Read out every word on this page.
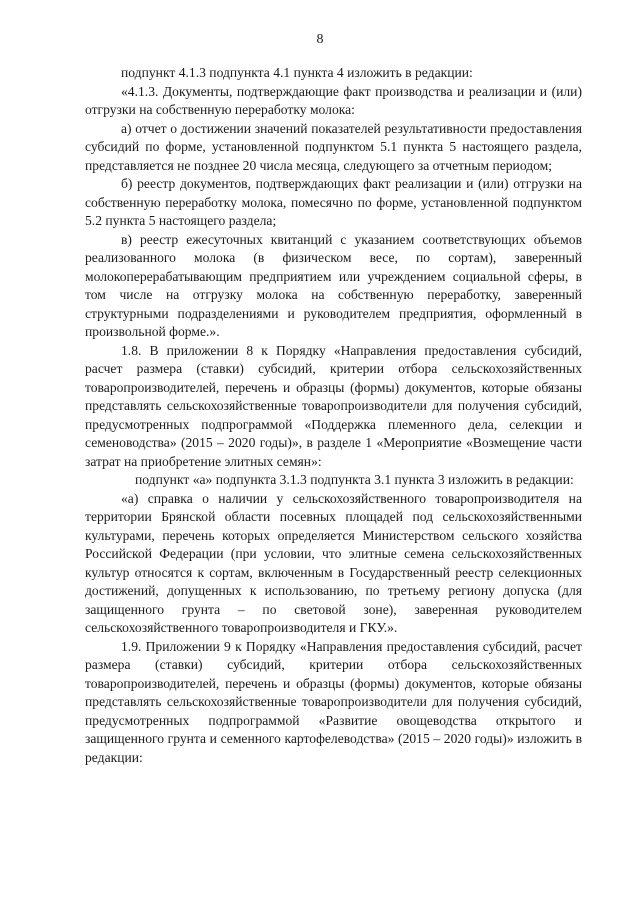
8

подпункт 4.1.3 подпункта 4.1 пункта 4 изложить в редакции:

«4.1.3. Документы, подтверждающие факт производства и реализации и (или) отгрузки на собственную переработку молока:

а) отчет о достижении значений показателей результативности предоставления субсидий по форме, установленной подпунктом 5.1 пункта 5 настоящего раздела, представляется не позднее 20 числа месяца, следующего за отчетным периодом;

б) реестр документов, подтверждающих факт реализации и (или) отгрузки на собственную переработку молока, помесячно по форме, установленной подпунктом 5.2 пункта 5 настоящего раздела;

в) реестр ежесуточных квитанций с указанием соответствующих объемов реализованного молока (в физическом весе, по сортам), заверенный молокоперерабатывающим предприятием или учреждением социальной сферы, в том числе на отгрузку молока на собственную переработку, заверенный структурными подразделениями и руководителем предприятия, оформленный в произвольной форме.».

1.8. В приложении 8 к Порядку «Направления предоставления субсидий, расчет размера (ставки) субсидий, критерии отбора сельскохозяйственных товаропроизводителей, перечень и образцы (формы) документов, которые обязаны представлять сельскохозяйственные товаропроизводители для получения субсидий, предусмотренных подпрограммой «Поддержка племенного дела, селекции и семеноводства» (2015 – 2020 годы)», в разделе 1 «Мероприятие «Возмещение части затрат на приобретение элитных семян»:

подпункт «а» подпункта 3.1.3 подпункта 3.1 пункта 3 изложить в редакции:

«а) справка о наличии у сельскохозяйственного товаропроизводителя на территории Брянской области посевных площадей под сельскохозяйственными культурами, перечень которых определяется Министерством сельского хозяйства Российской Федерации (при условии, что элитные семена сельскохозяйственных культур относятся к сортам, включенным в Государственный реестр селекционных достижений, допущенных к использованию, по третьему региону допуска (для защищенного грунта – по световой зоне), заверенная руководителем сельскохозяйственного товаропроизводителя и ГКУ.».

1.9. Приложении 9 к Порядку «Направления предоставления субсидий, расчет размера (ставки) субсидий, критерии отбора сельскохозяйственных товаропроизводителей, перечень и образцы (формы) документов, которые обязаны представлять сельскохозяйственные товаропроизводители для получения субсидий, предусмотренных подпрограммой «Развитие овощеводства открытого и защищенного грунта и семенного картофелеводства» (2015 – 2020 годы)» изложить в редакции:
